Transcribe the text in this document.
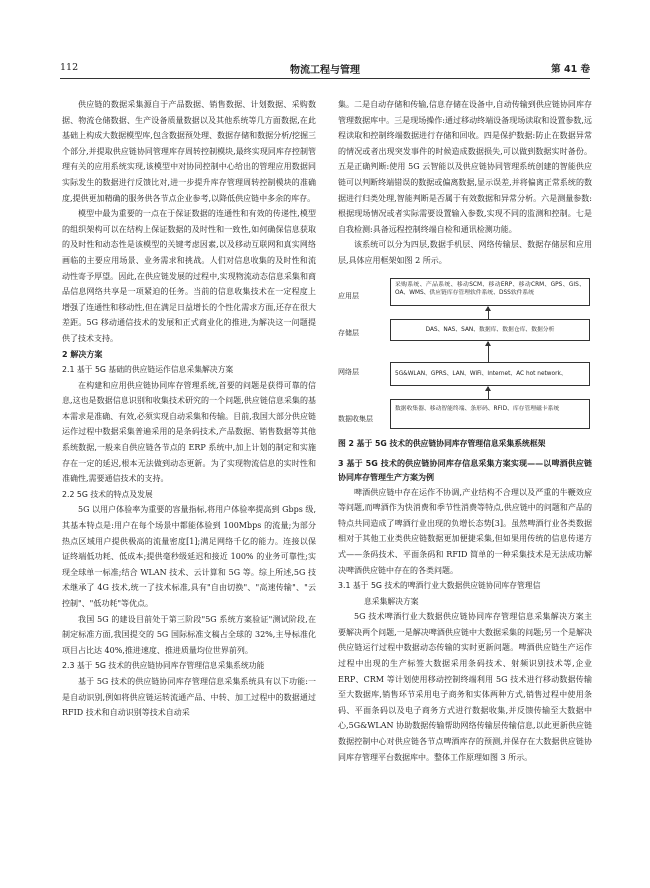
112	物流工程与管理	第 41 卷

供应链的数据采集源自于产品数据、销售数据、计划数据、采购数据、物流仓储数据、生产设备质量数据以及其他系统等几方面数据,在此基础上构成大数据模型库,包含数据预处理、数据存储和数据分析/挖掘三个部分,并提取供应链协同管理库存周转控制模块,最终实现同库存控制管理有关的应用系统实现,该模型中对协同控制中心给出的管理应用数据同实际发生的数据进行反馈比对,进一步提升库存管理周转控制模块的准确度,提供更加精确的服务供各节点企业参考,以降低供应链中多余的库存。

模型中最为重要的一点在于保证数据的连通性和有效的传递性,模型的组织架构可以在结构上保证数据的及时性和一致性,如何确保信息获取的及时性和动态性是该模型的关键考虑因素,以及移动互联网和真实网络画临的主要应用场景、业务需求和挑战。人们对信息收集的及时性和流动性寄予厚望。因此,在供应链发展的过程中,实现物流动态信息采集和商品信息网络共享是一项紧迫的任务。当前的信息收集技术在一定程度上增强了连通性和移动性,但在满足日益增长的个性化需求方面,还存在很大差距。5G 移动通信技术的发展和正式商业化的推进,为解决这一问题提供了技术支持。

2 解决方案
2.1 基于 5G 基础的供应链运作信息采集解决方案

在构建和应用供应链协同库存管理系统,首要的问题是获得可靠的信息,这也是数据信息识别和收集技术研究的一个问题,供应链信息采集的基本需求是准确、有效,必须实现自动采集和传输。目前,我国大部分供应链运作过程中数据采集普遍采用的是条码技术,产品数据、销售数据等其他系统数据,一般来自供应链各节点的 ERP 系统中,加上计划的制定和实施存在一定的延迟,根本无法做到动态更新。为了实现物流信息的实时性和准确性,需要通信技术的支持。

2.2 5G 技术的特点及发展

5G 以用户体验率为重要的容量指标,将用户体验率提高到 Gbps 级,其基本特点是:用户在每个场景中都能体验到 100Mbps 的流量;为部分热点区域用户提供极高的流量密度[1];满足网络千亿的能力。连接以保证终端低功耗、低成本;提供毫秒级延迟和接近 100% 的业务可靠性;实现全球单一标准;结合 WLAN 技术、云计算和 5G 等。综上所述,5G 技术继承了 4G 技术,统一了技术标准,具有"自由切换"、"高速传输"、"云控制"、"低功耗"等优点。

我国 5G 的建设目前处于第三阶段"5G 系统方案验证"测试阶段,在制定标准方面,我国提交的 5G 国际标准文稿占全球的 32%,主导标准化项目占比达 40%,推进速度、推进质量均位世界前列。

2.3 基于 5G 技术的供应链协同库存管理信息采集系统功能

基于 5G 技术的供应链协同库存管理信息采集系统具有以下功能:一是自动识别,例如将供应链运转流通产品、中转、加工过程中的数据通过 RFID 技术和自动识别等技术自动采

集。二是自动存储和传输,信息存储在设备中,自动传输到供应链协同库存管理数据库中。三是现场操作:通过移动终端设备现场读取和设置参数,远程读取和控制终端数据进行存储和回收。四是保护数据:防止在数据异常的情况或者出现突发事件的时候造成数据损失,可以做到数据实时备份。五是正确判断:使用 5G 云智能以及供应链协同管理系统创建的智能供应链可以判断终端错误的数据或偏离数据,显示误差,并将偏离正常系统的数据进行归类处理,智能判断是否属于有效数据和异常分析。六是测量参数:根据现场情况或者实际需要设置输入参数,实现不同的监测和控制。七是自我检测:具备远程控制终端自检和通讯检测功能。

该系统可以分为四层,数据手机层、网络传输层、数据存储层和应用层,具体应用框架如图 2 所示。

应用层
采购系统、产品系统、移动SCM、移动ERP、移动CRM、GPS、GIS、OA、WMS、供应链库存管理软件系统、DSS软件系统
存储层	DAS、NAS、SAN、数据库、数据仓库、数据分析
网络层	5G&WLAN、GPRS、LAN、WiFi、Internet、AC hot network、
数据收集层
数据收集器、移动智能终端、条形码、RFID、库存管理磁卡系统
图 2 基于 5G 技术的供应链协同库存管理信息采集系统框架
3 基于 5G 技术的供应链协同库存信息采集方案实现——以啤酒供应链协同库存管理生产方案为例

啤酒供应链中存在运作不协调,产业结构不合理以及严重的牛鞭效应等问题,而啤酒作为快消费和季节性消费等特点,供应链中的问题和产品的特点共同造成了啤酒行业出现的负增长态势[3]。虽然啤酒行业各类数据相对于其他工业类供应链数据更加便捷采集,但如果用传统的信息传递方式——条码技术、平面条码和 RFID 简单的一种采集技术是无法成功解决啤酒供应链中存在的各类问题。

3.1 基于 5G 技术的啤酒行业大数据供应链协同库存管理信
息采集解决方案

5G 技术啤酒行业大数据供应链协同库存管理信息采集解决方案主要解决两个问题,一是解决啤酒供应链中大数据采集的问题;另一个是解决供应链运行过程中数据动态传输的实时更新问题。啤酒供应链生产运作过程中出现的生产标签大数据采用条码技术、射频识别技术等,企业 ERP、CRM 等计划使用移动控制终端利用 5G 技术进行移动数据传输至大数据库,销售环节采用电子商务和实体两种方式,销售过程中使用条码、平面条码以及电子商务方式进行数据收集,并反馈传输至大数据中心,5G&WLAN 协助数据传输帮助网络传输层传输信息,以此更新供应链数据控制中心对供应链各节点啤酒库存的预测,并保存在大数据供应链协同库存管理平台数据库中。整体工作原理如图 3 所示。
